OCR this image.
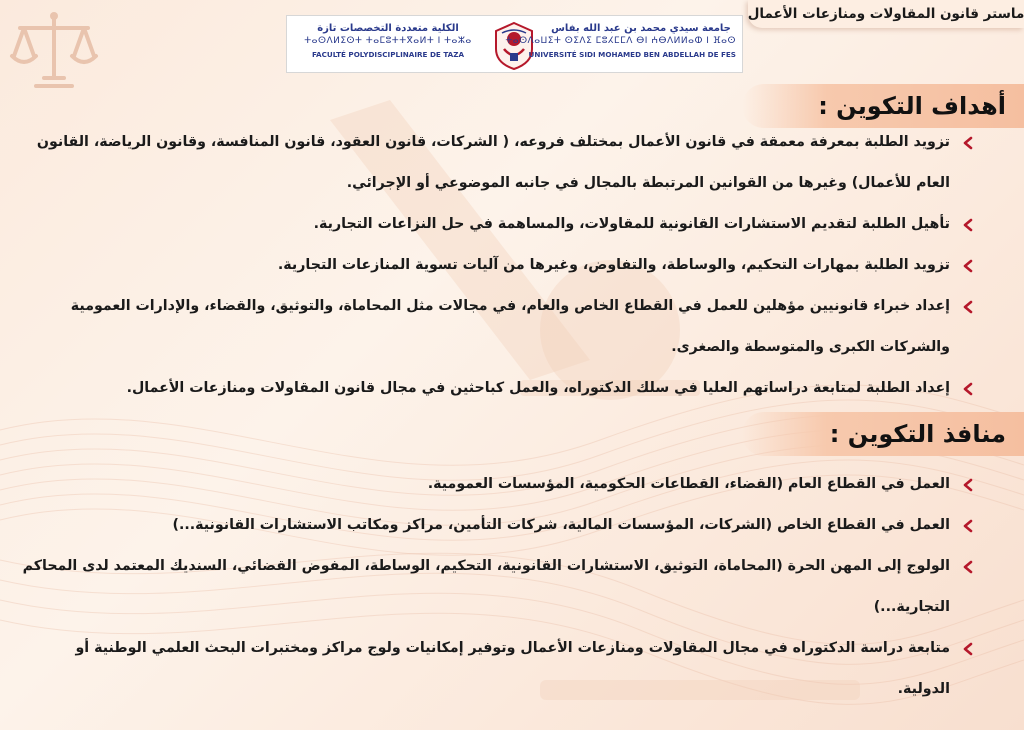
ماستر قانون المقاولات ومنازعات الأعمال
الكلية متعددة التخصصات تازة
ⵜⴰⵙⴷⵍⵉⵙⵜ ⵜⴰⵎⵓⵜⵜⴳⴰⵍⵜ ⵏ ⵜⴰⵣⴰ
FACULTÉ POLYDISCIPLINAIRE DE TAZA
جامعة سيدي محمد بن عبد الله بفاس
ⵜⴰⵙⴷⴰⵡⵉⵜ ⵙⵉⴷⵉ ⵎⵓⵃⵎⵎⴷ ⴱⵏ ⵄⴱⴷⵍⵍⴰⵀ ⵏ ⴼⴰⵙ
UNIVERSITÉ SIDI MOHAMED BEN ABDELLAH DE FES
أهداف التكوين :
تزويد الطلبة بمعرفة معمقة في قانون الأعمال بمختلف فروعه، ( الشركات، قانون العقود، قانون المنافسة، وقانون الرياضة، القانون العام للأعمال) وغيرها من القوانين المرتبطة بالمجال في جانبه الموضوعي أو الإجرائي.
تأهيل الطلبة لتقديم الاستشارات القانونية للمقاولات، والمساهمة في حل النزاعات التجارية.
تزويد الطلبة بمهارات التحكيم، والوساطة، والتفاوض، وغيرها من آليات تسوية المنازعات التجارية.
إعداد خبراء قانونيين مؤهلين للعمل في القطاع الخاص والعام، في مجالات مثل المحاماة، والتوثيق، والقضاء، والإدارات العمومية والشركات الكبرى والمتوسطة والصغرى.
إعداد الطلبة لمتابعة دراساتهم العليا في سلك الدكتوراه، والعمل كباحثين في مجال قانون المقاولات ومنازعات الأعمال.
منافذ التكوين :
العمل في القطاع العام (القضاء، القطاعات الحكومية، المؤسسات العمومية.
العمل في القطاع الخاص (الشركات، المؤسسات المالية، شركات التأمين، مراكز ومكاتب الاستشارات القانونية...)
الولوج إلى المهن الحرة (المحاماة، التوثيق، الاستشارات القانونية، التحكيم، الوساطة، المفوض القضائي، السنديك المعتمد لدى المحاكم التجارية...)
متابعة دراسة الدكتوراه في مجال المقاولات ومنازعات الأعمال وتوفير إمكانيات ولوج مراكز ومختبرات البحث العلمي الوطنية أو الدولية.
